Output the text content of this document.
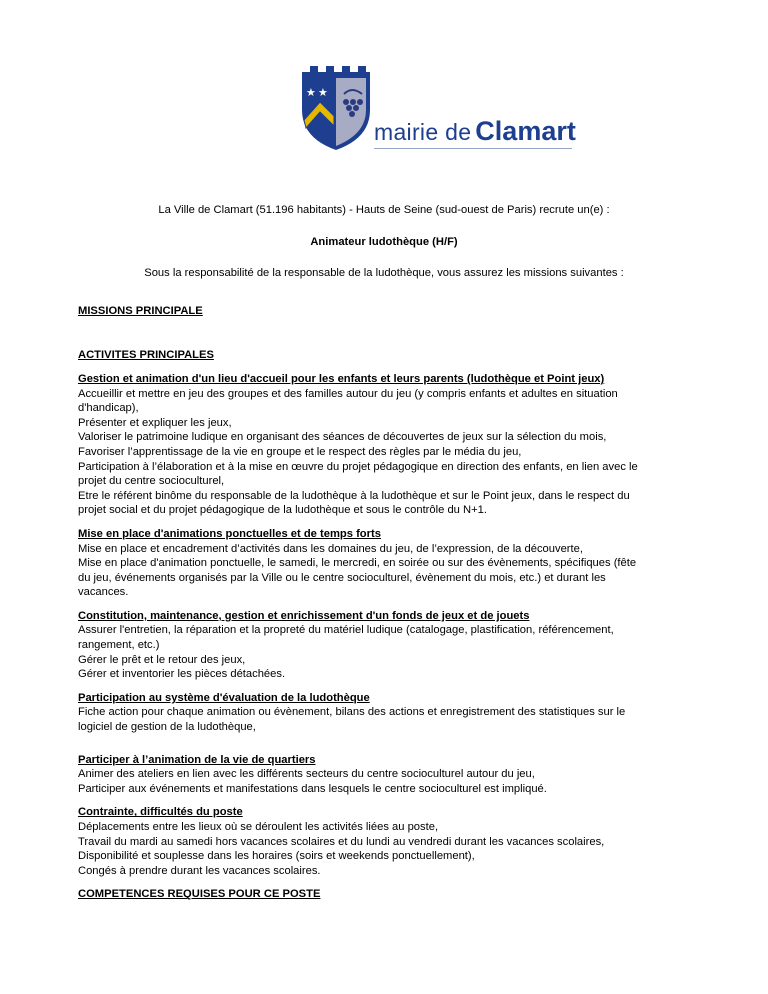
★ ★
mairie de Clamart
La Ville de Clamart (51.196 habitants) - Hauts de Seine (sud-ouest de Paris) recrute un(e) :
Animateur ludothèque (H/F)
Sous la responsabilité de la responsable de la ludothèque, vous assurez les missions suivantes :
MISSIONS PRINCIPALE
ACTIVITES PRINCIPALES
Gestion et animation d'un lieu d'accueil pour les enfants et leurs parents (ludothèque et Point jeux)
Accueillir et mettre en jeu des groupes et des familles autour du jeu (y compris enfants et adultes en situation
d'handicap),
Présenter et expliquer les jeux,
Valoriser le patrimoine ludique en organisant des séances de découvertes de jeux sur la sélection du mois,
Favoriser l’apprentissage de la vie en groupe et le respect des règles par le média du jeu,
Participation à l’élaboration et à la mise en œuvre du projet pédagogique en direction des enfants, en lien avec le
projet du centre socioculturel,
Etre le référent binôme du responsable de la ludothèque à la ludothèque et sur le Point jeux, dans le respect du
projet social et du projet pédagogique de la ludothèque et sous le contrôle du N+1.
Mise en place d'animations ponctuelles et de temps forts
Mise en place et encadrement d’activités dans les domaines du jeu, de l’expression, de la découverte,
Mise en place d'animation ponctuelle, le samedi, le mercredi, en soirée ou sur des évènements, spécifiques (fête
du jeu, événements organisés par la Ville ou le centre socioculturel, évènement du mois, etc.) et durant les
vacances.
Constitution, maintenance, gestion et enrichissement d'un fonds de jeux et de jouets
Assurer l'entretien, la réparation et la propreté du matériel ludique (catalogage, plastification, référencement,
rangement, etc.)
Gérer le prêt et le retour des jeux,
Gérer et inventorier les pièces détachées.
Participation au système d'évaluation de la ludothèque
Fiche action pour chaque animation ou évènement, bilans des actions et enregistrement des statistiques sur le
logiciel de gestion de la ludothèque,
Participer à l’animation de la vie de quartiers
Animer des ateliers en lien avec les différents secteurs du centre socioculturel autour du jeu,
Participer aux événements et manifestations dans lesquels le centre socioculturel est impliqué.
Contrainte, difficultés du poste
Déplacements entre les lieux où se déroulent les activités liées au poste,
Travail du mardi au samedi hors vacances scolaires et du lundi au vendredi durant les vacances scolaires,
Disponibilité et souplesse dans les horaires (soirs et weekends ponctuellement),
Congés à prendre durant les vacances scolaires.
COMPETENCES REQUISES POUR CE POSTE
